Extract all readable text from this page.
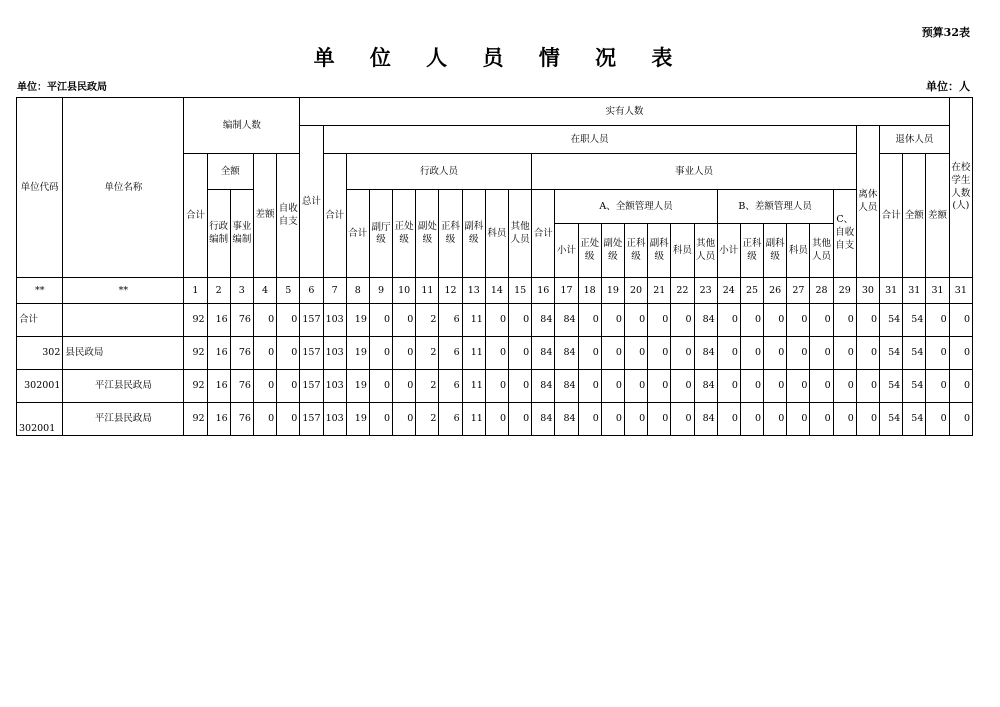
预算32表
单 位 人 员 情 况 表
单位：平江县民政局	单位：人
单位代码	单位名称	编制人数					实有人数																												在校学生人数(人)
							总计	在职人员																							离休人员	退休人员			
		合计	全额		差额	自收自支		合计	行政人员								事业人员															合计	全额	差额	
			行政编制	事业编制					合计	副厅级	正处级	副处级	正科级	副科级	科员	其他人员	合计	A、全额管理人员							B、差额管理人员					C、自收自支					
																		小计	正处级	副处级	正科级	副科级	科员	其他人员	小计	正科级	副科级	科员	其他人员						
**	**	1	2	3	4	5	6	7	8	9	10	11	12	13	14	15	16	17	18	19	20	21	22	23	24	25	26	27	28	29	30	31	31	31	31
合计		92	16	76	0	0	157	103	19	0	0	2	6	11	0	0	84	84	0	0	0	0	0	84	0	0	0	0	0	0	0	54	54	0	0
302	县民政局	92	16	76	0	0	157	103	19	0	0	2	6	11	0	0	84	84	0	0	0	0	0	84	0	0	0	0	0	0	0	54	54	0	0
302001	平江县民政局	92	16	76	0	0	157	103	19	0	0	2	6	11	0	0	84	84	0	0	0	0	0	84	0	0	0	0	0	0	0	54	54	0	0
302001	平江县民政局	92	16	76	0	0	157	103	19	0	0	2	6	11	0	0	84	84	0	0	0	0	0	84	0	0	0	0	0	0	0	54	54	0	0
